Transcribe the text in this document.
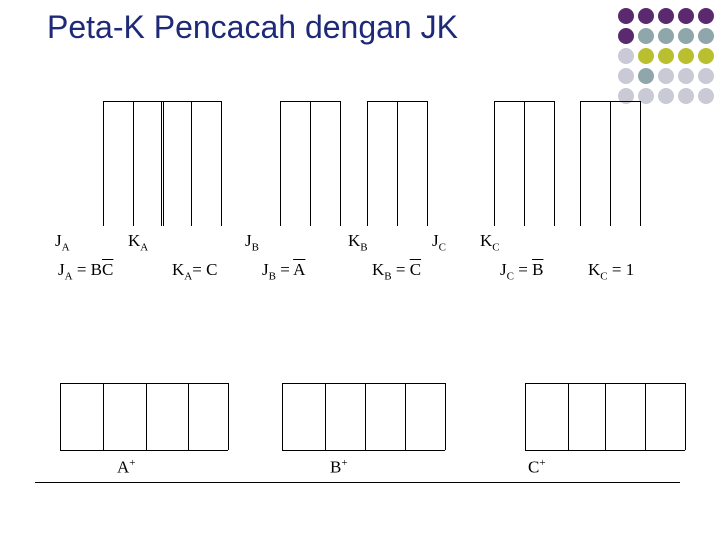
Peta-K Pencacah dengan JK
A+	B+	C+
$J_A$	$K_A$	$J_B$	$K_B$	$J_C$ $K_C$
$J_A = B\overline{C}$	$K_A= C$	$J_B = \overline{A}$	$K_B = \overline{C}$	$J_C = \overline{B}$	$K_C = 1$
